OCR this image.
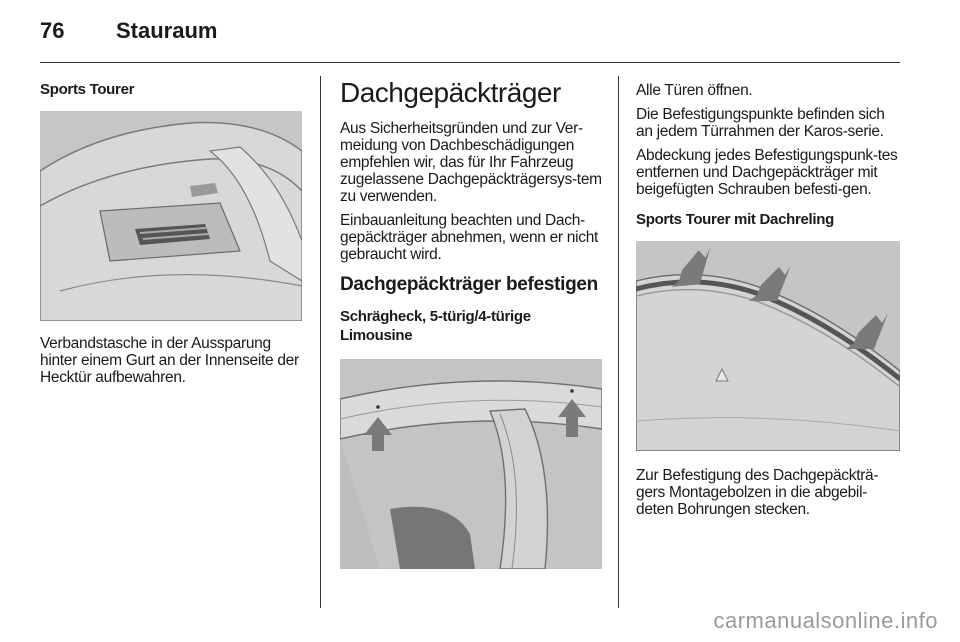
76 Stauraum
Sports Tourer

Verbandstasche in der Aussparung hinter einem Gurt an der Innenseite der Hecktür aufbewahren.

Dachgepäckträger

Aus Sicherheitsgründen und zur Ver-meidung von Dachbeschädigungen empfehlen wir, das für Ihr Fahrzeug zugelassene Dachgepäckträgersys-tem zu verwenden.

Einbauanleitung beachten und Dach-gepäckträger abnehmen, wenn er nicht gebraucht wird.

Dachgepäckträger befestigen
Schrägheck, 5-türig/4-türige Limousine

Alle Türen öffnen.

Die Befestigungspunkte befinden sich an jedem Türrahmen der Karos-serie.

Abdeckung jedes Befestigungspunk-tes entfernen und Dachgepäckträger mit beigefügten Schrauben befesti-gen.

Sports Tourer mit Dachreling

Zur Befestigung des Dachgepäckträ-gers Montagebolzen in die abgebil-deten Bohrungen stecken.

carmanualsonline.info
